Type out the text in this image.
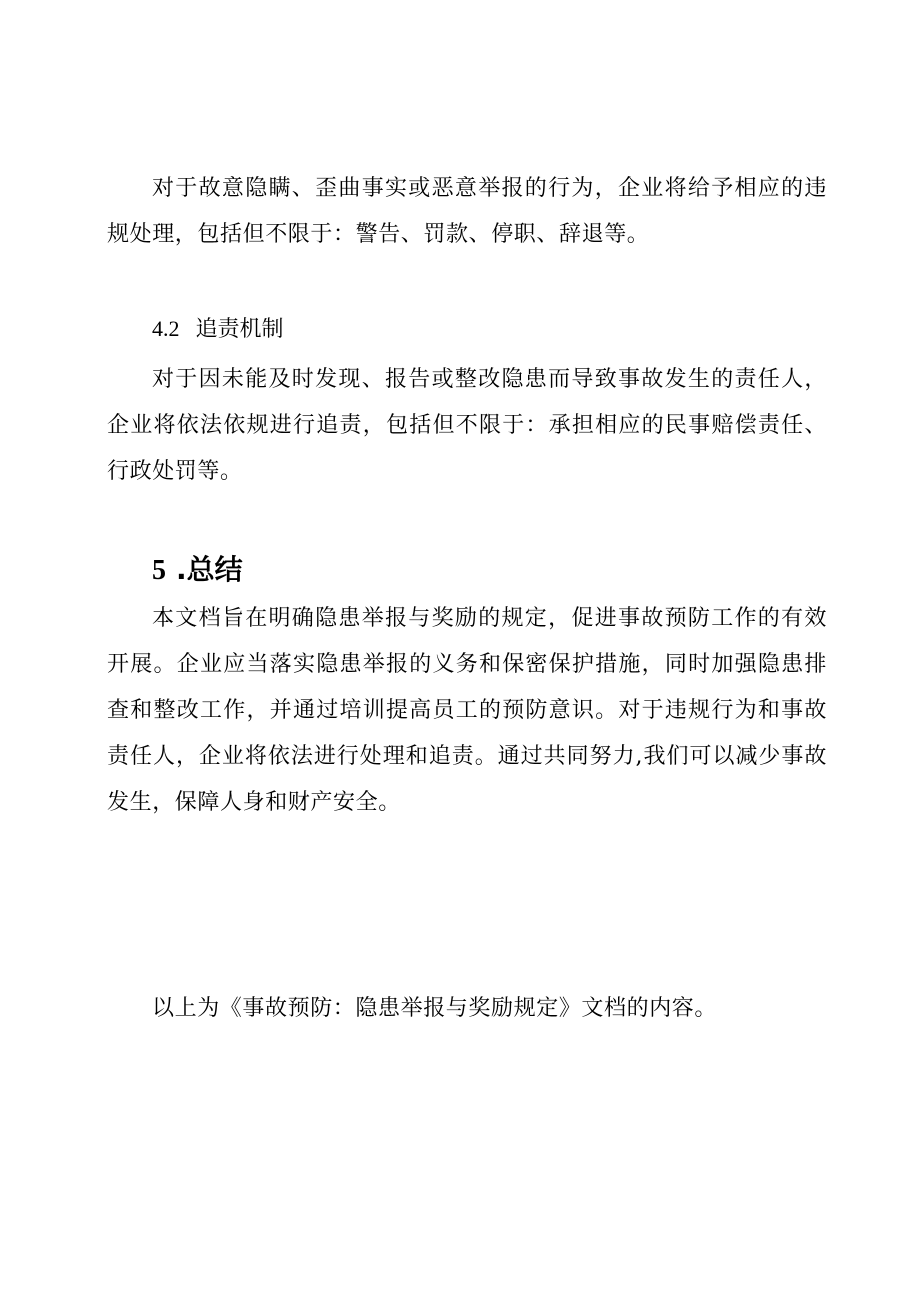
对于故意隐瞒、歪曲事实或恶意举报的行为，企业将给予相应的违规处理，包括但不限于：警告、罚款、停职、辞退等。

4.2 追责机制

对于因未能及时发现、报告或整改隐患而导致事故发生的责任人，企业将依法依规进行追责，包括但不限于：承担相应的民事赔偿责任、行政处罚等。

5 .总结

本文档旨在明确隐患举报与奖励的规定，促进事故预防工作的有效开展。企业应当落实隐患举报的义务和保密保护措施，同时加强隐患排查和整改工作，并通过培训提高员工的预防意识。对于违规行为和事故责任人，企业将依法进行处理和追责。通过共同努力,我们可以减少事故发生，保障人身和财产安全。

以上为《事故预防：隐患举报与奖励规定》文档的内容。
